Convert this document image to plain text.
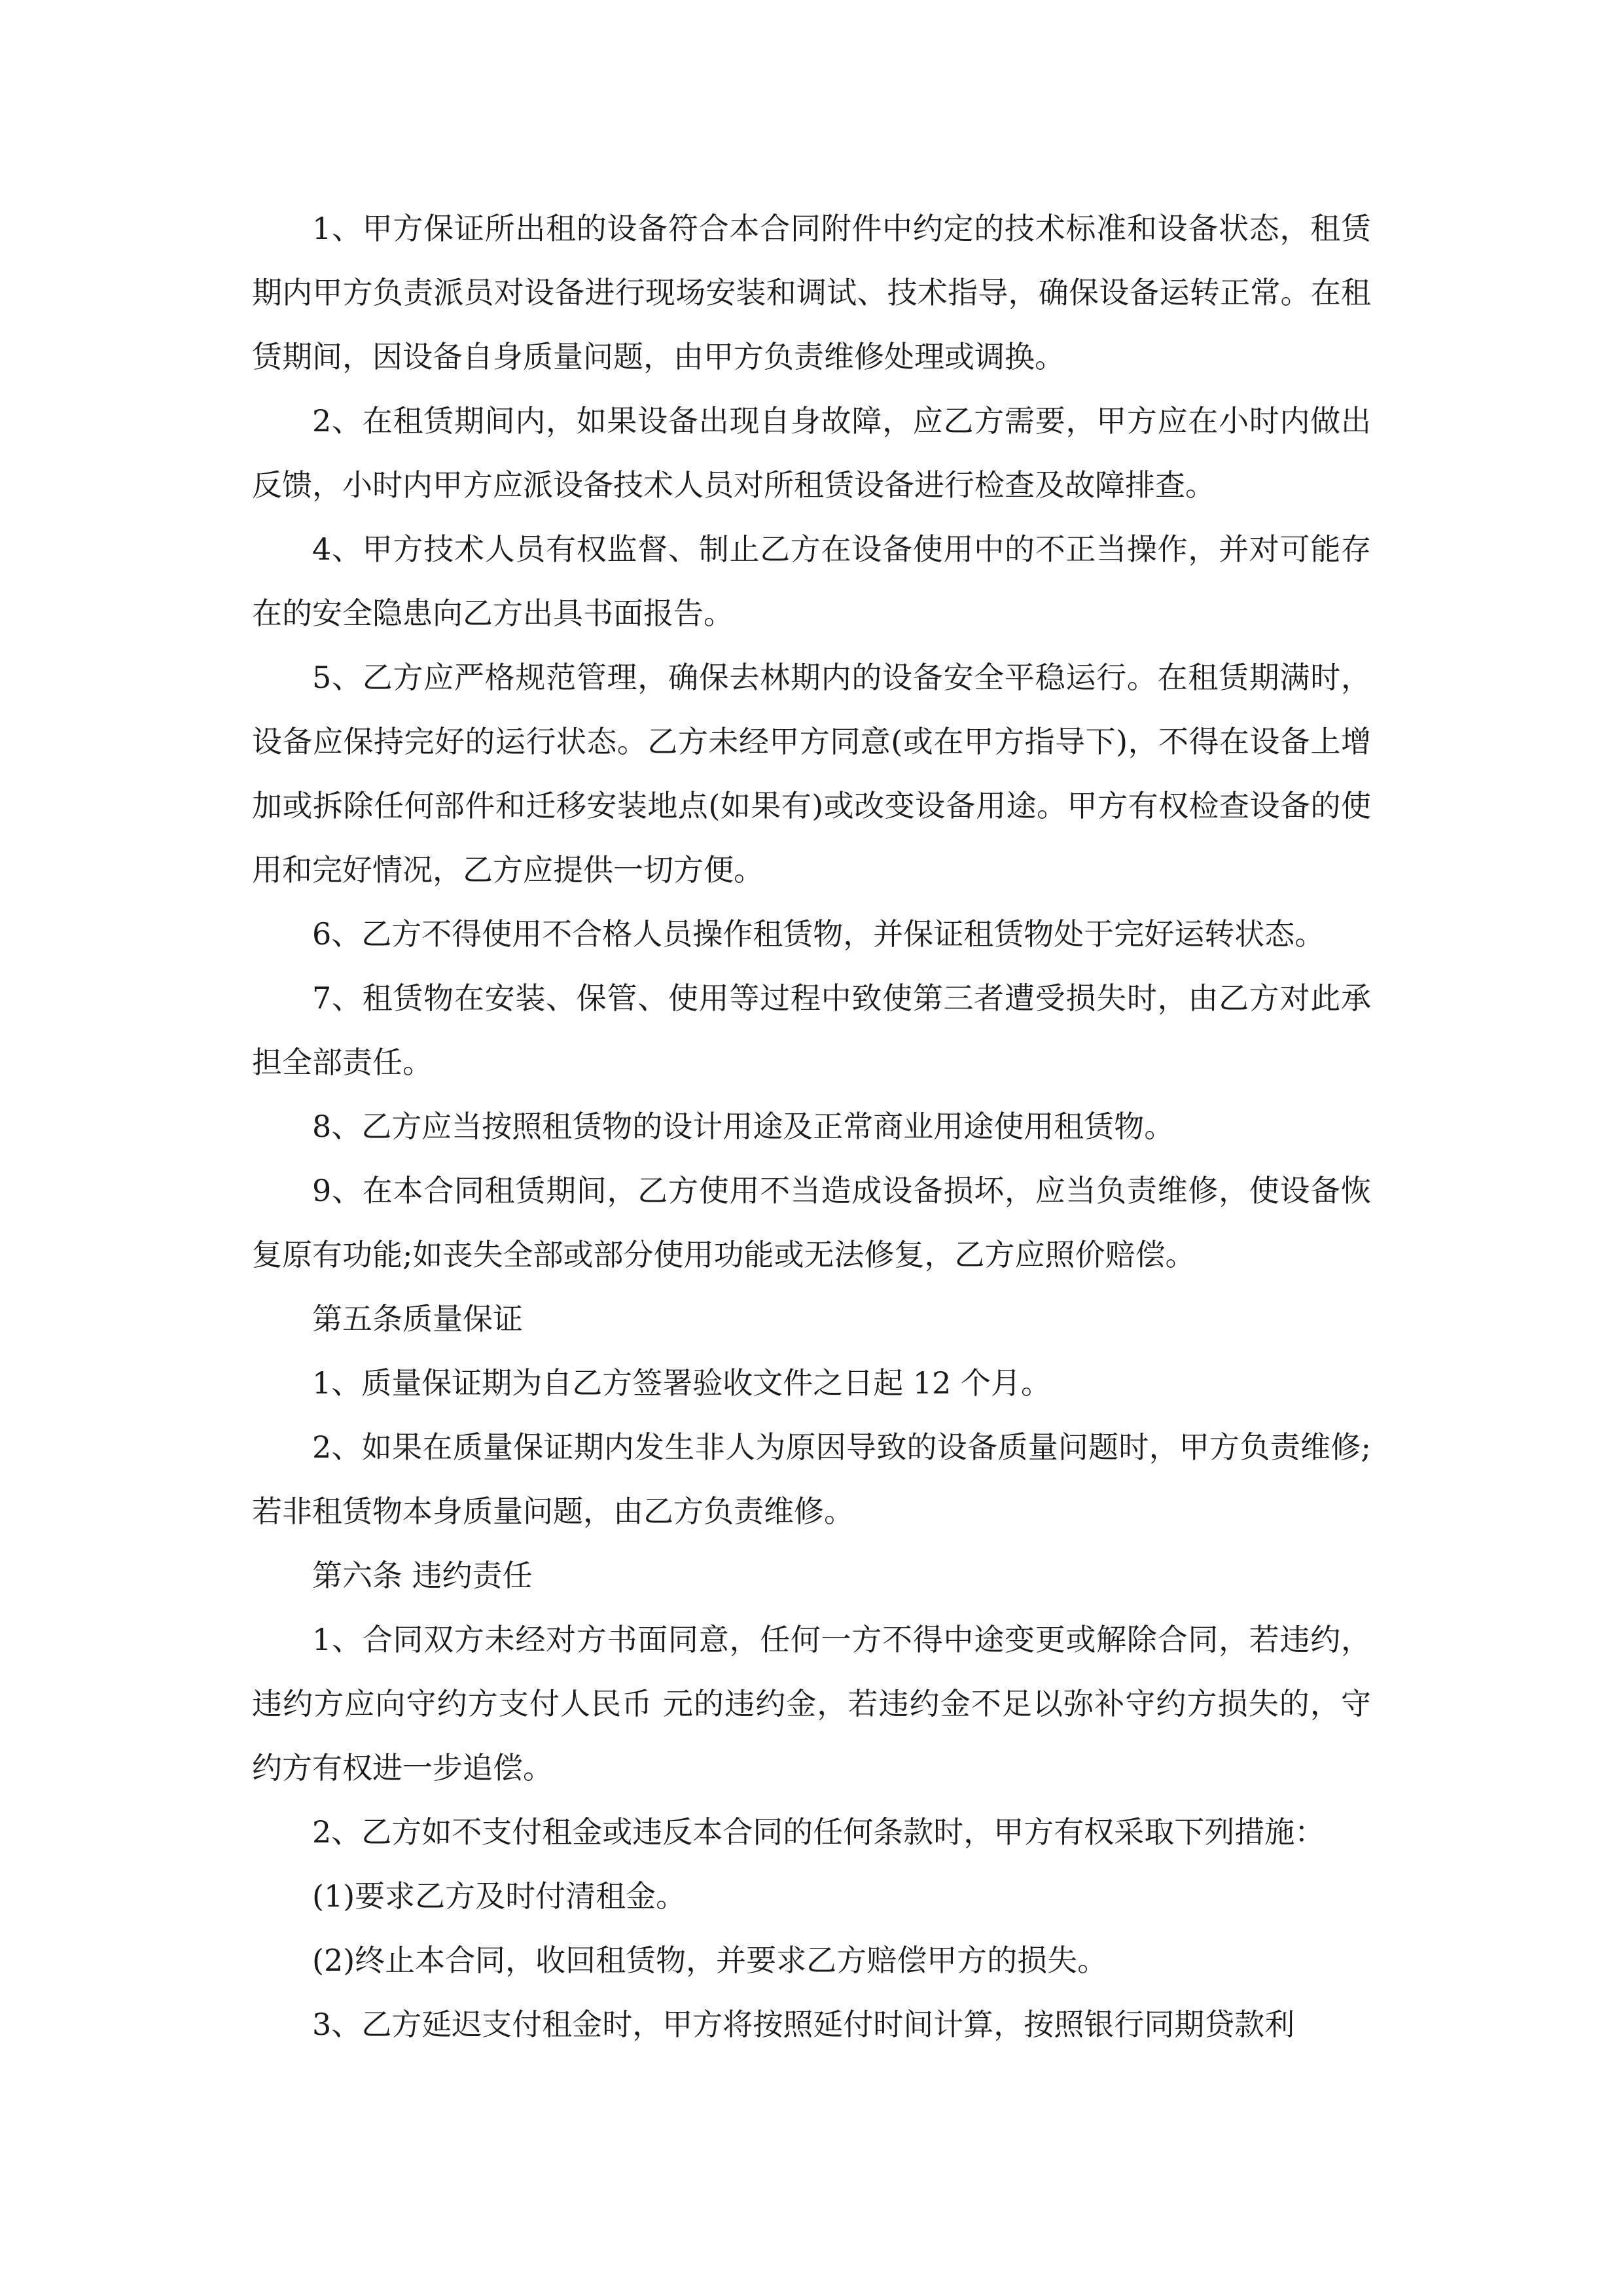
1、甲方保证所出租的设备符合本合同附件中约定的技术标准和设备状态，租赁期内甲方负责派员对设备进行现场安装和调试、技术指导，确保设备运转正常。在租赁期间，因设备自身质量问题，由甲方负责维修处理或调换。

2、在租赁期间内，如果设备出现自身故障，应乙方需要，甲方应在小时内做出反馈，小时内甲方应派设备技术人员对所租赁设备进行检查及故障排查。

4、甲方技术人员有权监督、制止乙方在设备使用中的不正当操作，并对可能存在的安全隐患向乙方出具书面报告。

5、乙方应严格规范管理，确保去林期内的设备安全平稳运行。在租赁期满时，设备应保持完好的运行状态。乙方未经甲方同意(或在甲方指导下)，不得在设备上增加或拆除任何部件和迁移安装地点(如果有)或改变设备用途。甲方有权检查设备的使用和完好情况，乙方应提供一切方便。

6、乙方不得使用不合格人员操作租赁物，并保证租赁物处于完好运转状态。

7、租赁物在安装、保管、使用等过程中致使第三者遭受损失时，由乙方对此承担全部责任。

8、乙方应当按照租赁物的设计用途及正常商业用途使用租赁物。

9、在本合同租赁期间，乙方使用不当造成设备损坏，应当负责维修，使设备恢复原有功能;如丧失全部或部分使用功能或无法修复，乙方应照价赔偿。

第五条质量保证

1、质量保证期为自乙方签署验收文件之日起 12 个月。

2、如果在质量保证期内发生非人为原因导致的设备质量问题时，甲方负责维修;若非租赁物本身质量问题，由乙方负责维修。

第六条 违约责任

1、合同双方未经对方书面同意，任何一方不得中途变更或解除合同，若违约，违约方应向守约方支付人民币 元的违约金，若违约金不足以弥补守约方损失的，守约方有权进一步追偿。

2、乙方如不支付租金或违反本合同的任何条款时，甲方有权采取下列措施：

(1)要求乙方及时付清租金。

(2)终止本合同，收回租赁物，并要求乙方赔偿甲方的损失。

3、乙方延迟支付租金时，甲方将按照延付时间计算，按照银行同期贷款利
